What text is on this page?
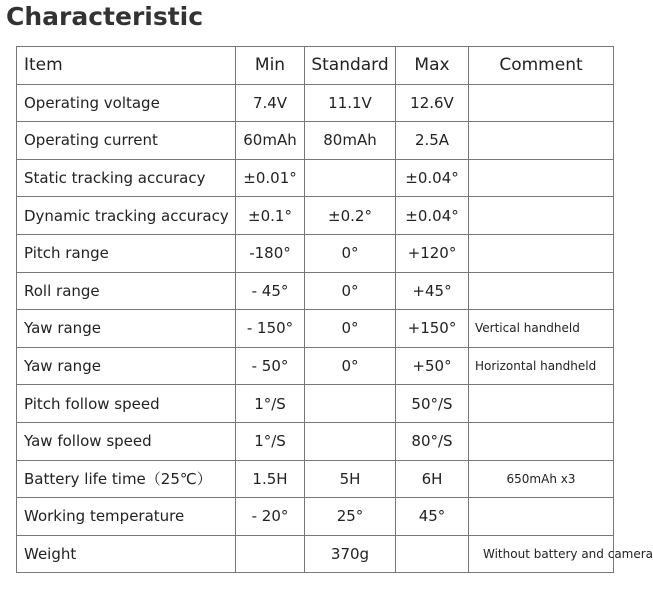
Characteristic
Item	Min	Standard	Max	Comment
Operating voltage	7.4V	11.1V	12.6V	
Operating current	60mAh	80mAh	2.5A	
Static tracking accuracy	±0.01°		±0.04°	
Dynamic tracking accuracy	±0.1°	±0.2°	±0.04°	
Pitch range	-180°	0°	+120°	
Roll range	- 45°	0°	+45°	
Yaw range	- 150°	0°	+150°	Vertical handheld
Yaw range	- 50°	0°	+50°	Horizontal handheld
Pitch follow speed	1°/S		50°/S	
Yaw follow speed	1°/S		80°/S	
Battery life time（25℃）	1.5H	5H	6H	650mAh x3
Working temperature	- 20°	25°	45°	
Weight		370g		Without battery and camera
